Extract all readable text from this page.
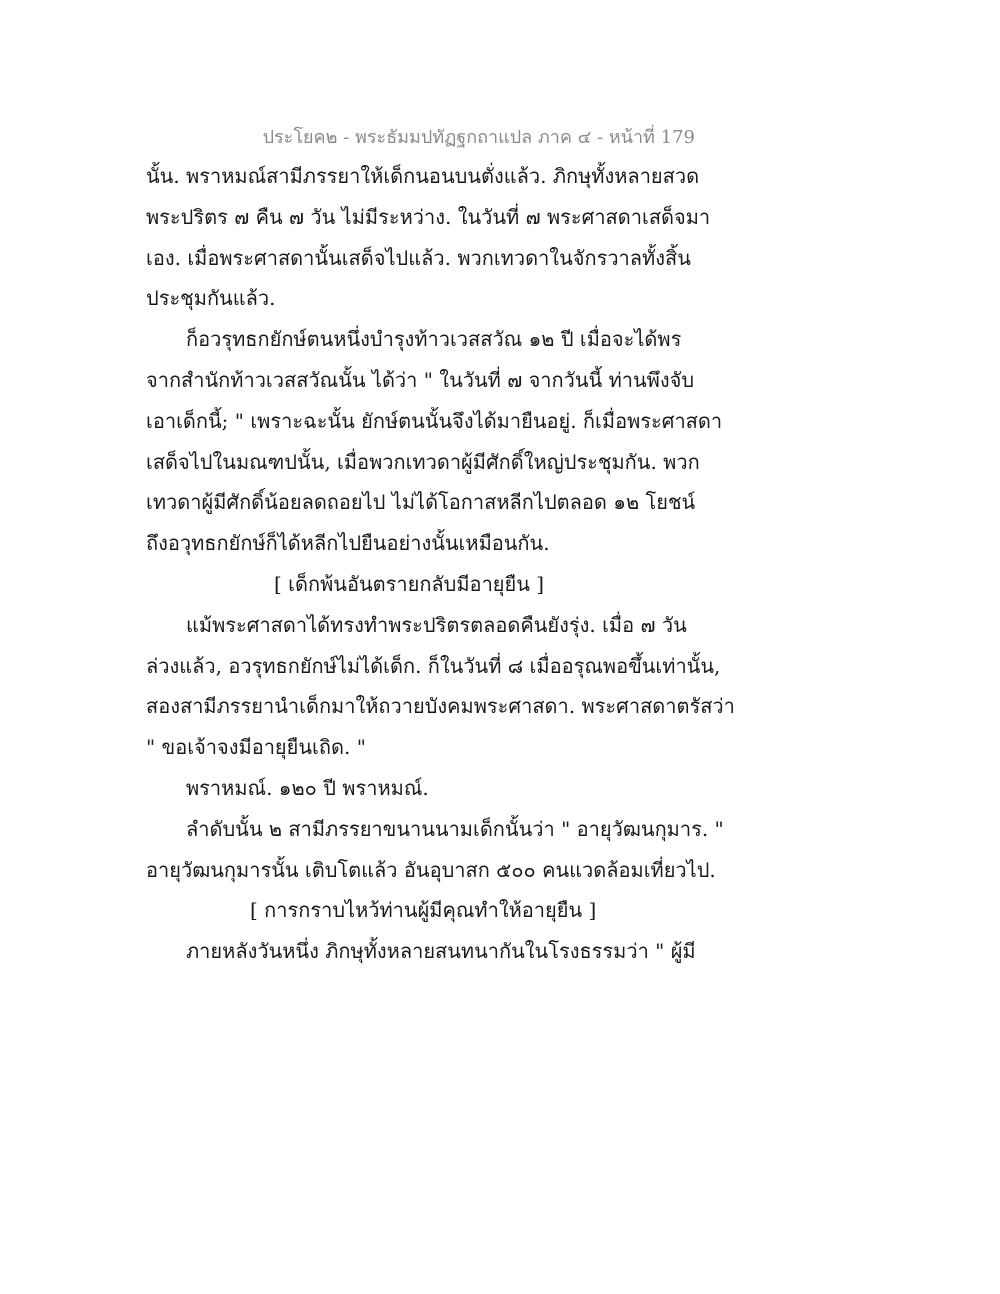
ประโยค๒ - พระธัมมปทัฏฐกถาแปล ภาค ๔ - หน้าที่ 179
นั้น. พราหมณ์สามีภรรยาให้เด็กนอนบนตั่งแล้ว. ภิกษุทั้งหลายสวด
พระปริตร ๗ คืน ๗ วัน ไม่มีระหว่าง. ในวันที่ ๗ พระศาสดาเสด็จมา
เอง. เมื่อพระศาสดานั้นเสด็จไปแล้ว. พวกเทวดาในจักรวาลทั้งสิ้น
ประชุมกันแล้ว.
ก็อวรุทธกยักษ์ตนหนึ่งบำรุงท้าวเวสสวัณ ๑๒ ปี เมื่อจะได้พร
จากสำนักท้าวเวสสวัณนั้น ได้ว่า " ในวันที่ ๗ จากวันนี้ ท่านพึงจับ
เอาเด็กนี้; " เพราะฉะนั้น ยักษ์ตนนั้นจึงได้มายืนอยู่. ก็เมื่อพระศาสดา
เสด็จไปในมณฑปนั้น, เมื่อพวกเทวดาผู้มีศักดิ์ใหญ่ประชุมกัน. พวก
เทวดาผู้มีศักดิ์น้อยลดถอยไป ไม่ได้โอกาสหลีกไปตลอด ๑๒ โยชน์
ถึงอวุทธกยักษ์ก็ได้หลีกไปยืนอย่างนั้นเหมือนกัน.
[ เด็กพ้นอันตรายกลับมีอายุยืน ]
แม้พระศาสดาได้ทรงทำพระปริตรตลอดคืนยังรุ่ง. เมื่อ ๗ วัน
ล่วงแล้ว, อวรุทธกยักษ์ไม่ได้เด็ก. ก็ในวันที่ ๘ เมื่ออรุณพอขึ้นเท่านั้น,
สองสามีภรรยานำเด็กมาให้ถวายบังคมพระศาสดา. พระศาสดาตรัสว่า
" ขอเจ้าจงมีอายุยืนเถิด. "
พราหมณ์. ๑๒๐ ปี พราหมณ์.
ลำดับนั้น ๒ สามีภรรยาขนานนามเด็กนั้นว่า " อายุวัฒนกุมาร. "
อายุวัฒนกุมารนั้น เติบโตแล้ว อันอุบาสก ๕๐๐ คนแวดล้อมเที่ยวไป.
[ การกราบไหว้ท่านผู้มีคุณทำให้อายุยืน ]
ภายหลังวันหนึ่ง ภิกษุทั้งหลายสนทนากันในโรงธรรมว่า " ผู้มี
